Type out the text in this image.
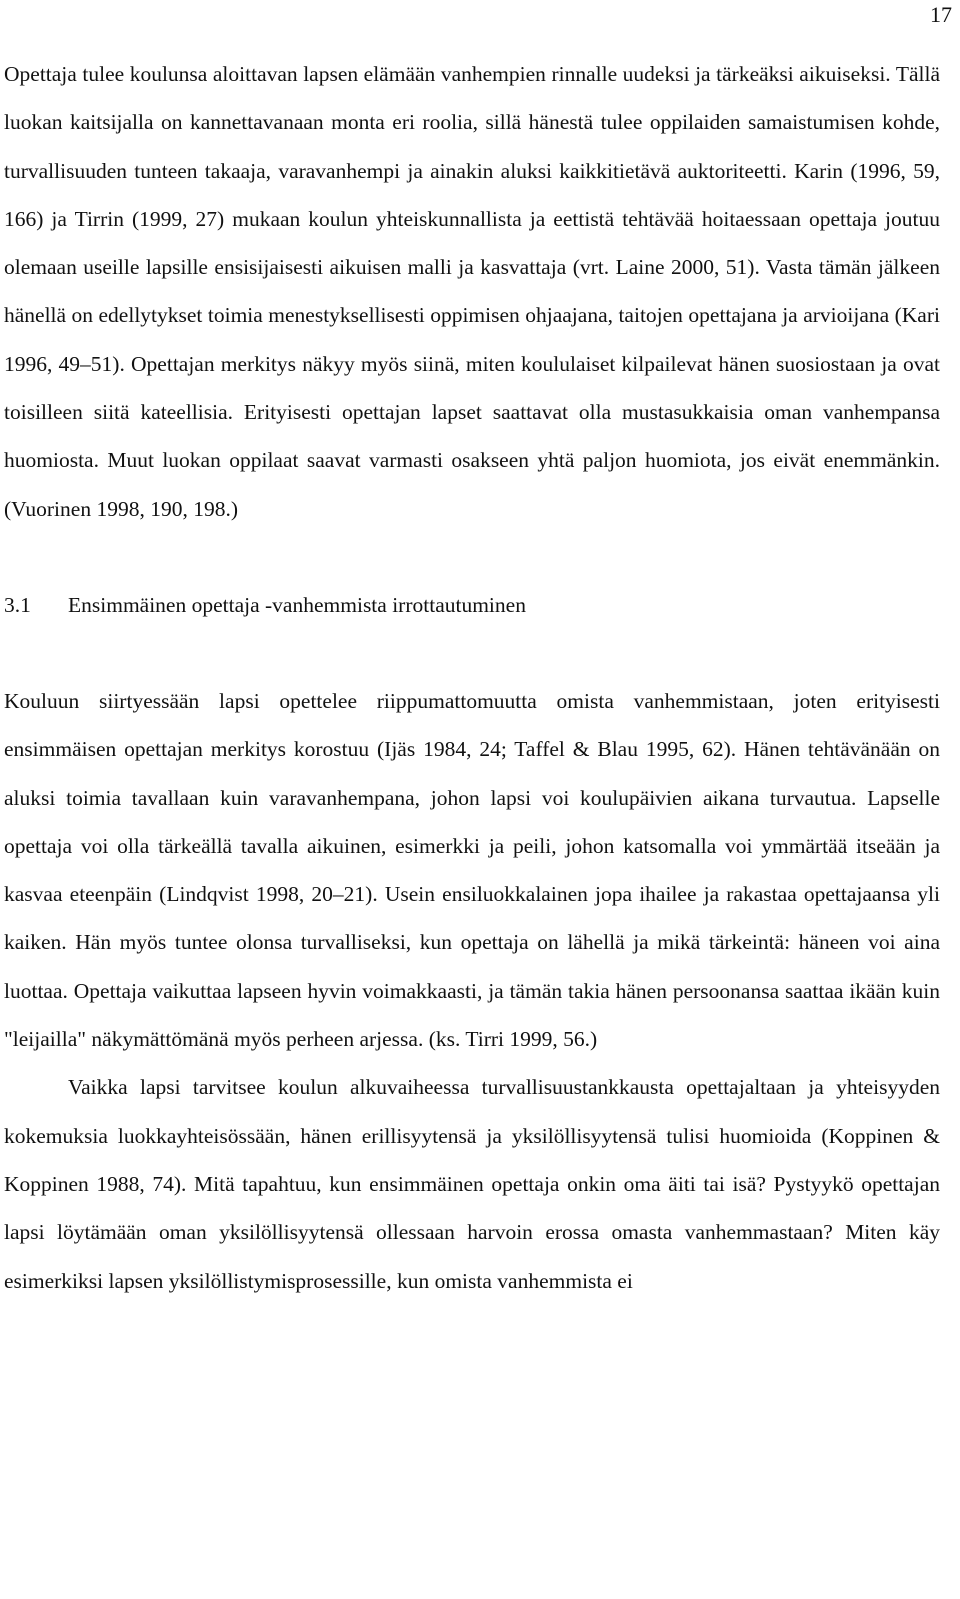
17

Opettaja tulee koulunsa aloittavan lapsen elämään vanhempien rinnalle uudeksi ja tärkeäksi aikuiseksi. Tällä luokan kaitsijalla on kannettavanaan monta eri roolia, sillä hänestä tulee oppilaiden samaistumisen kohde, turvallisuuden tunteen takaaja, varavanhempi ja ainakin aluksi kaikkitietävä auktoriteetti. Karin (1996, 59, 166) ja Tirrin (1999, 27) mukaan koulun yhteiskunnallista ja eettistä tehtävää hoitaessaan opettaja joutuu olemaan useille lapsille ensisijaisesti aikuisen malli ja kasvattaja (vrt. Laine 2000, 51). Vasta tämän jälkeen hänellä on edellytykset toimia menestyksellisesti oppimisen ohjaajana, taitojen opettajana ja arvioijana (Kari 1996, 49–51). Opettajan merkitys näkyy myös siinä, miten koululaiset kilpailevat hänen suosiostaan ja ovat toisilleen siitä kateellisia. Erityisesti opettajan lapset saattavat olla mustasukkaisia oman vanhempansa huomiosta. Muut luokan oppilaat saavat varmasti osakseen yhtä paljon huomiota, jos eivät enemmänkin. (Vuorinen 1998, 190, 198.)

3.1	Ensimmäinen opettaja -vanhemmista irrottautuminen

Kouluun siirtyessään lapsi opettelee riippumattomuutta omista vanhemmistaan, joten erityisesti ensimmäisen opettajan merkitys korostuu (Ijäs 1984, 24; Taffel & Blau 1995, 62). Hänen tehtävänään on aluksi toimia tavallaan kuin varavanhempana, johon lapsi voi koulupäivien aikana turvautua. Lapselle opettaja voi olla tärkeällä tavalla aikuinen, esimerkki ja peili, johon katsomalla voi ymmärtää itseään ja kasvaa eteenpäin (Lindqvist 1998, 20–21). Usein ensiluokkalainen jopa ihailee ja rakastaa opettajaansa yli kaiken. Hän myös tuntee olonsa turvalliseksi, kun opettaja on lähellä ja mikä tärkeintä: häneen voi aina luottaa. Opettaja vaikuttaa lapseen hyvin voimakkaasti, ja tämän takia hänen persoonansa saattaa ikään kuin "leijailla" näkymättömänä myös perheen arjessa. (ks. Tirri 1999, 56.)

Vaikka lapsi tarvitsee koulun alkuvaiheessa turvallisuustankkausta opettajaltaan ja yhteisyyden kokemuksia luokkayhteisössään, hänen erillisyytensä ja yksilöllisyytensä tulisi huomioida (Koppinen & Koppinen 1988, 74). Mitä tapahtuu, kun ensimmäinen opettaja onkin oma äiti tai isä? Pystyykö opettajan lapsi löytämään oman yksilöllisyytensä ollessaan harvoin erossa omasta vanhemmastaan? Miten käy esimerkiksi lapsen yksilöllistymisprosessille, kun omista vanhemmista ei
